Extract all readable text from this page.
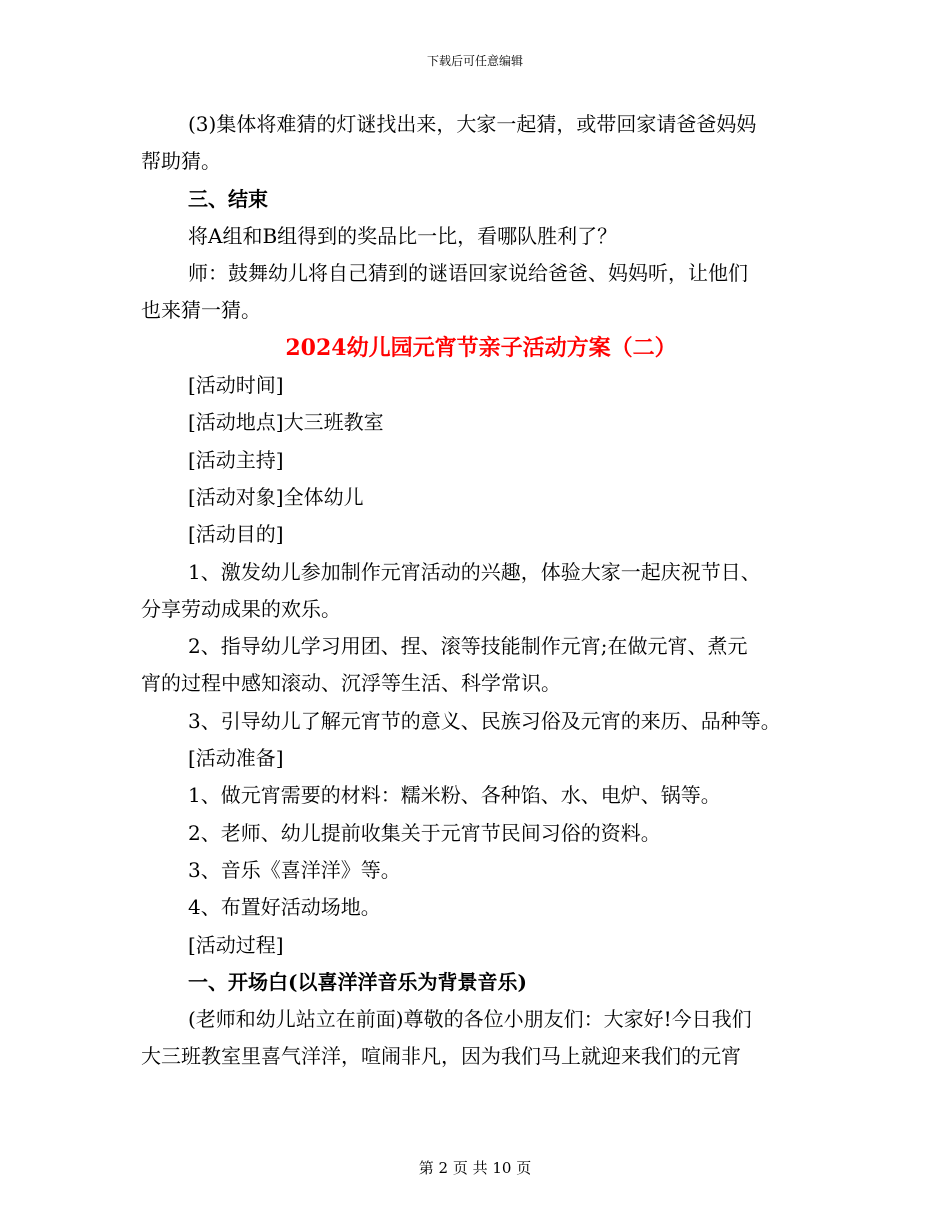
下载后可任意编辑

(3)集体将难猜的灯谜找出来，大家一起猜，或带回家请爸爸妈妈

帮助猜。

三、结束

将A组和B组得到的奖品比一比，看哪队胜利了？

师：鼓舞幼儿将自己猜到的谜语回家说给爸爸、妈妈听，让他们

也来猜一猜。

2024幼儿园元宵节亲子活动方案（二）

[活动时间]

[活动地点]大三班教室

[活动主持]

[活动对象]全体幼儿

[活动目的]

1、激发幼儿参加制作元宵活动的兴趣，体验大家一起庆祝节日、

分享劳动成果的欢乐。

2、指导幼儿学习用团、捏、滚等技能制作元宵;在做元宵、煮元

宵的过程中感知滚动、沉浮等生活、科学常识。

3、引导幼儿了解元宵节的意义、民族习俗及元宵的来历、品种等。

[活动准备]

1、做元宵需要的材料：糯米粉、各种馅、水、电炉、锅等。

2、老师、幼儿提前收集关于元宵节民间习俗的资料。

3、音乐《喜洋洋》等。

4、布置好活动场地。

[活动过程]

一、开场白(以喜洋洋音乐为背景音乐)

(老师和幼儿站立在前面)尊敬的各位小朋友们：大家好!今日我们

大三班教室里喜气洋洋，喧闹非凡，因为我们马上就迎来我们的元宵

第 2 页 共 10 页
